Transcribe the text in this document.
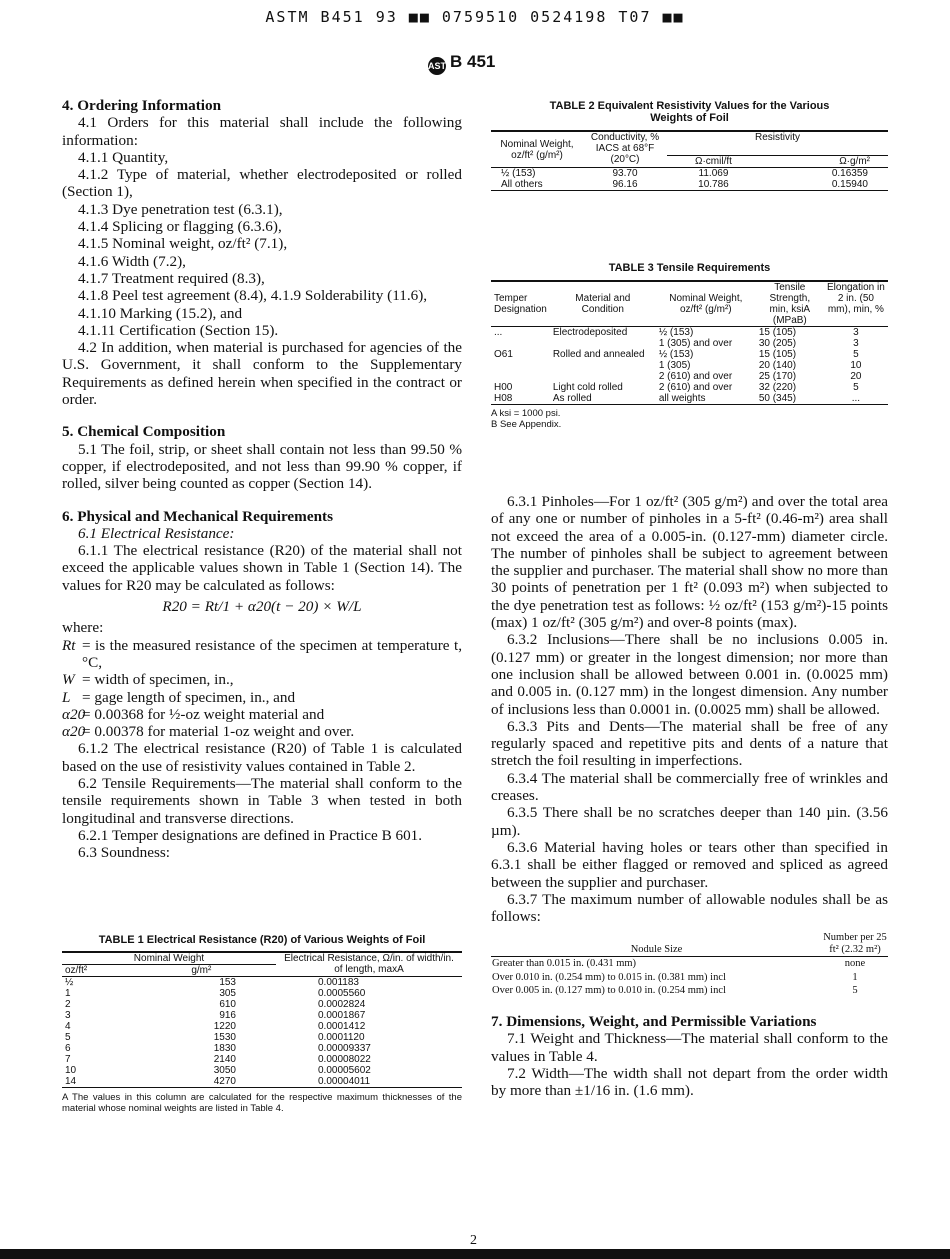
ASTM B451 93 ■■ 0759510 0524198 T07 ■■
ASTMB 451

4. Ordering Information

4.1 Orders for this material shall include the following information:

4.1.1 Quantity,

4.1.2 Type of material, whether electrodeposited or rolled (Section 1),

4.1.3 Dye penetration test (6.3.1),

4.1.4 Splicing or flagging (6.3.6),

4.1.5 Nominal weight, oz/ft² (7.1),

4.1.6 Width (7.2),

4.1.7 Treatment required (8.3),

4.1.8 Peel test agreement (8.4), 4.1.9 Solderability (11.6),

4.1.10 Marking (15.2), and

4.1.11 Certification (Section 15).

4.2 In addition, when material is purchased for agencies of the U.S. Government, it shall conform to the Supplementary Requirements as defined herein when specified in the contract or order.

5. Chemical Composition

5.1 The foil, strip, or sheet shall contain not less than 99.50 % copper, if electrodeposited, and not less than 99.90 % copper, if rolled, silver being counted as copper (Section 14).

6. Physical and Mechanical Requirements

6.1 Electrical Resistance:

6.1.1 The electrical resistance (R20) of the material shall not exceed the applicable values shown in Table 1 (Section 14). The values for R20 may be calculated as follows:

R20 = Rt/1 + α20(t − 20) × W/L

where:

Rt = is the measured resistance of the specimen at temperature t, °C,
W = width of specimen, in.,
L = gage length of specimen, in., and
α20
= 0.00368 for ½-oz weight material and
α20
= 0.00378 for material 1-oz weight and over.

6.1.2 The electrical resistance (R20) of Table 1 is calculated based on the use of resistivity values contained in Table 2.

6.2 Tensile Requirements—The material shall conform to the tensile requirements shown in Table 3 when tested in both longitudinal and transverse directions.

6.2.1 Temper designations are defined in Practice B 601.

6.3 Soundness:

TABLE 1 Electrical Resistance (R20) of Various Weights of Foil
Nominal Weight		Electrical Resistance, Ω/in. of width/in. of length, maxA
oz/ft²	g/m²	
½	153	0.001183
1	305	0.0005560
2	610	0.0002824
3	916	0.0001867
4	1220	0.0001412
5	1530	0.0001120
6	1830	0.00009337
7	2140	0.00008022
10	3050	0.00005602
14	4270	0.00004011
A The values in this column are calculated for the respective maximum thicknesses of the material whose nominal weights are listed in Table 4.
TABLE 2 Equivalent Resistivity Values for the Various
Weights of Foil
Nominal Weight, oz/ft² (g/m²)	Conductivity, % IACS at 68°F (20°C)	Resistivity	
		Ω·cmil/ft	Ω·g/m²
½ (153)	93.70	11.069	0.16359
All others	96.16	10.786	0.15940
TABLE 3 Tensile Requirements
Temper Designation	Material and Condition	Nominal Weight, oz/ft² (g/m²)	Tensile Strength, min, ksiA (MPaB)	Elongation in 2 in. (50 mm), min, %
...	Electrodeposited	½ (153)	15 (105)	3
		1 (305) and over	30 (205)	3
O61	Rolled and annealed	½ (153)	15 (105)	5
		1 (305)	20 (140)	10
		2 (610) and over	25 (170)	20
H00	Light cold rolled	2 (610) and over	32 (220)	5
H08	As rolled	all weights	50 (345)	...
A ksi = 1000 psi.
B See Appendix.

6.3.1 Pinholes—For 1 oz/ft² (305 g/m²) and over the total area of any one or number of pinholes in a 5-ft² (0.46-m²) area shall not exceed the area of a 0.005-in. (0.127-mm) diameter circle. The number of pinholes shall be subject to agreement between the supplier and purchaser. The material shall show no more than 30 points of penetration per 1 ft² (0.093 m²) when subjected to the dye penetration test as follows: ½ oz/ft² (153 g/m²)-15 points (max) 1 oz/ft² (305 g/m²) and over-8 points (max).

6.3.2 Inclusions—There shall be no inclusions 0.005 in. (0.127 mm) or greater in the longest dimension; nor more than one inclusion shall be allowed between 0.001 in. (0.0025 mm) and 0.005 in. (0.127 mm) in the longest dimension. Any number of inclusions less than 0.0001 in. (0.0025 mm) shall be allowed.

6.3.3 Pits and Dents—The material shall be free of any regularly spaced and repetitive pits and dents of a nature that stretch the foil resulting in imperfections.

6.3.4 The material shall be commercially free of wrinkles and creases.

6.3.5 There shall be no scratches deeper than 140 µin. (3.56 µm).

6.3.6 Material having holes or tears other than specified in 6.3.1 shall be either flagged or removed and spliced as agreed between the supplier and purchaser.

6.3.7 The maximum number of allowable nodules shall be as follows:

Nodule Size	Number per 25 ft² (2.32 m²)
Greater than 0.015 in. (0.431 mm)	none
Over 0.010 in. (0.254 mm) to 0.015 in. (0.381 mm) incl	1
Over 0.005 in. (0.127 mm) to 0.010 in. (0.254 mm) incl	5

7. Dimensions, Weight, and Permissible Variations

7.1 Weight and Thickness—The material shall conform to the values in Table 4.

7.2 Width—The width shall not depart from the order width by more than ±1/16 in. (1.6 mm).

2
